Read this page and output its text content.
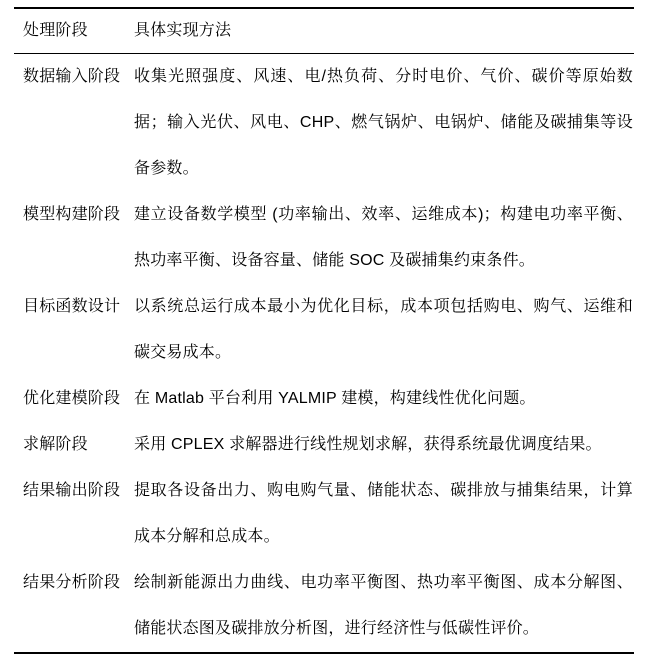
处理阶段	具体实现方法
数据输入阶段	收集光照强度、风速、电/热负荷、分时电价、气价、碳价等原始数据；输入光伏、风电、CHP、燃气锅炉、电锅炉、储能及碳捕集等设备参数。
模型构建阶段	建立设备数学模型 (功率输出、效率、运维成本)；构建电功率平衡、热功率平衡、设备容量、储能 SOC 及碳捕集约束条件。
目标函数设计	以系统总运行成本最小为优化目标，成本项包括购电、购气、运维和碳交易成本。
优化建模阶段	在 Matlab 平台利用 YALMIP 建模，构建线性优化问题。
求解阶段	采用 CPLEX 求解器进行线性规划求解，获得系统最优调度结果。
结果输出阶段	提取各设备出力、购电购气量、储能状态、碳排放与捕集结果，计算成本分解和总成本。
结果分析阶段	绘制新能源出力曲线、电功率平衡图、热功率平衡图、成本分解图、储能状态图及碳排放分析图，进行经济性与低碳性评价。
